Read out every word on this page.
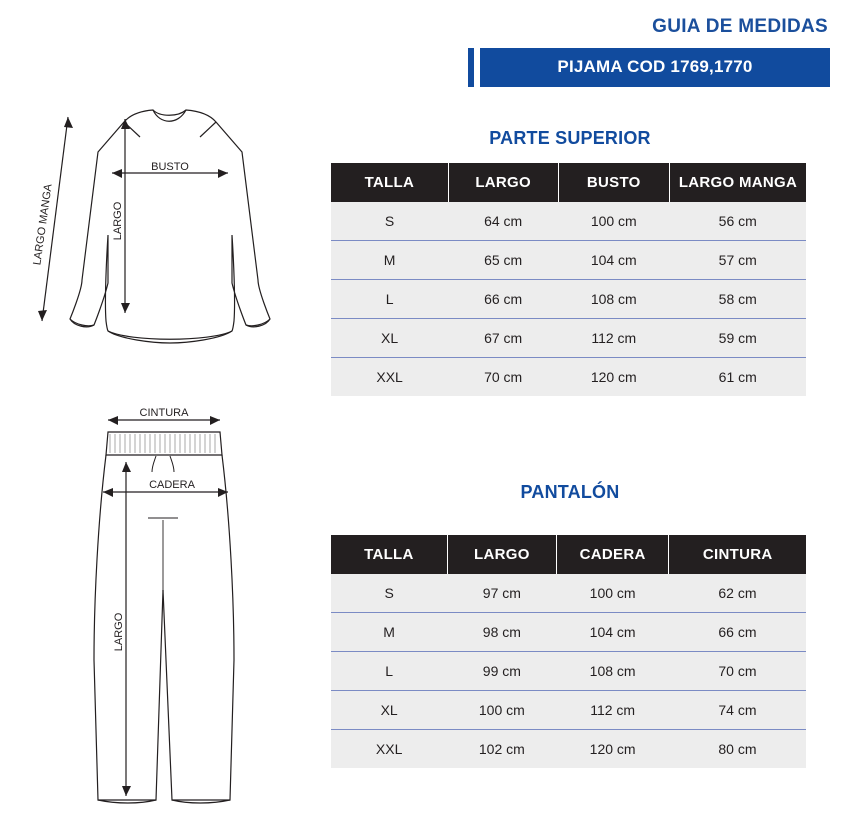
GUIA DE MEDIDAS
PIJAMA COD 1769,1770
PARTE SUPERIOR
TALLA	LARGO	BUSTO	LARGO MANGA
S	64 cm	100 cm	56 cm
M	65 cm	104 cm	57 cm
L	66 cm	108 cm	58 cm
XL	67 cm	112 cm	59 cm
XXL	70 cm	120 cm	61 cm
PANTALÓN
TALLA	LARGO	CADERA	CINTURA
S	97 cm	100 cm	62 cm
M	98 cm	104 cm	66 cm
L	99 cm	108 cm	70 cm
XL	100 cm	112 cm	74 cm
XXL	102 cm	120 cm	80 cm
LARGO MANGA
BUSTO
LARGO
CINTURA
CADERA
LARGO
